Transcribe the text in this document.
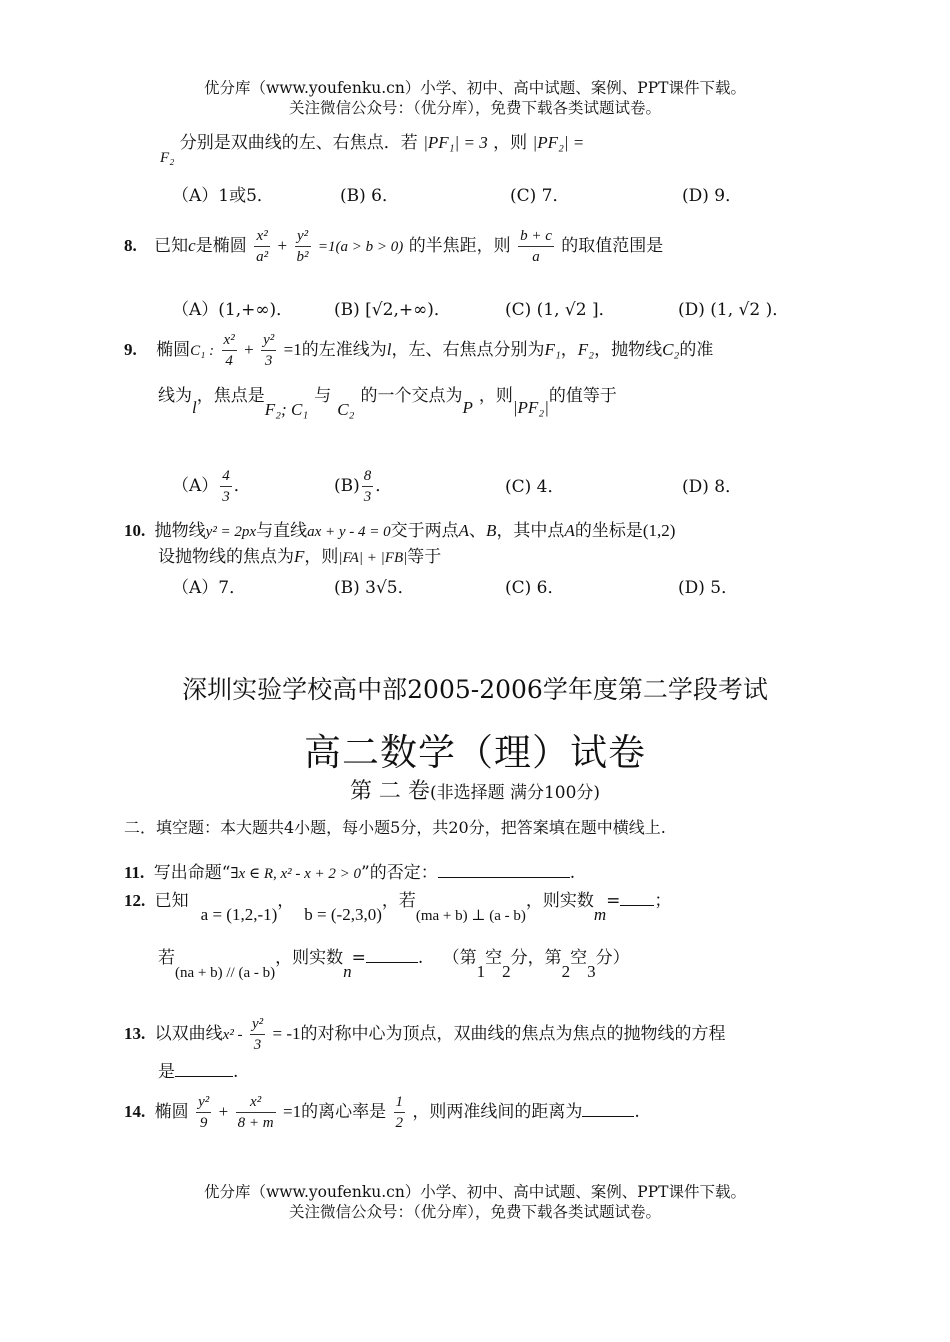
优分库（www.youfenku.cn）小学、初中、高中试题、案例、PPT课件下载。
关注微信公众号：（优分库），免费下载各类试题试卷。
F₂ 分别是双曲线的左、右焦点．若 |PF₁| = 3 ，则 |PF₂| =
（A）1或5．	(B) 6．	(C) 7．	(D) 9．
8. 已知c是椭圆 $\frac{\text{x²}}{\text{a²}} + \frac{\text{y²}}{\text{b²}} =1(a > b > 0)$ 的半焦距，则 $\frac{b + c}{a}$ 的取值范围是
（A）(1,+∞)． (B) [√2,+∞)．	(C) (1, √2 ]．	(D) (1, √2 )．
9. 椭圆C₁ : $\frac{\text{x²}}{4} + \frac{\text{y²}}{3} =1$的左准线为l，左、右焦点分别为F₁，F₂，抛物线C₂的准
线为l，焦点是F₂; C₁与C₂的一个交点为P，则|PF₂|的值等于
$(A) \frac{4}{3}$ ．	$(B) \frac{8}{3}$ ．	(C) 4．	(D) 8．
10. 抛物线y² = 2px与直线ax + y - 4 = 0交于两点A、B，其中点A的坐标是(1,2)
设抛物线的焦点为F，则|FA| + |FB|等于
（A）7．	(B) 3√5．	(C) 6．	(D) 5．
深圳实验学校高中部2005-2006学年度第二学段考试
高二数学（理）试卷
第 二 卷(非选择题 满分100分)
二．填空题：本大题共4小题，每小题5分，共20分，把答案填在题中横线上.
11. 写出命题“∃x ∈ R, x² - x + 2 > 0”的否定：	.
12. 已知a = (1,2,-1)，b = (-2,3,0)，若(ma + b) ⊥ (a - b)，则实数m= ；
若(na + b) // (a - b)，则实数n=	. （第1空2分，第2空3分）
13. 以双曲线$x^2 - \frac{\text{y²}}{3} = -1$的对称中心为顶点，双曲线的焦点为焦点的抛物线的方程
是	.
14. 椭圆 $\frac{\text{y²}}{9} + \frac{\text{x²}}{8 + m} =1$的离心率是 $\frac{1}{2}$ ，则两准线间的距离为	.
优分库（www.youfenku.cn）小学、初中、高中试题、案例、PPT课件下载。
关注微信公众号：（优分库），免费下载各类试题试卷。
